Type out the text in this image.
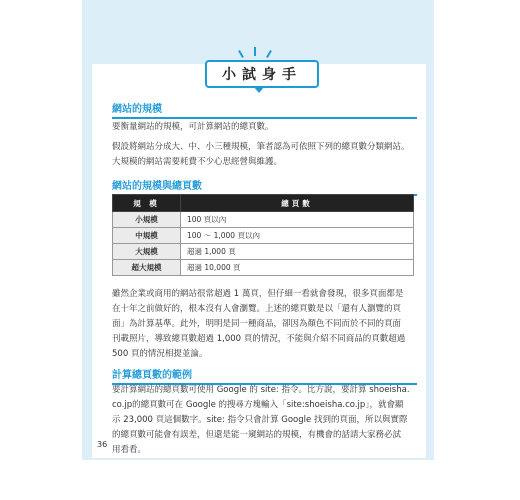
小試身手
網站的規模
要衡量網站的規模，可計算網站的總頁數。
假設將網站分成大、中、小三種規模，筆者認為可依照下列的總頁數分類網站。
大規模的網站需要耗費不少心思經營與維護。
網站的規模與總頁數
規 模	總頁數
小規模	100 頁以內
中規模	100 〜 1,000 頁以內
大規模	超過 1,000 頁
超大規模	超過 10,000 頁
雖然企業或商用的網站很常超過 1 萬頁，但仔細一看就會發現，很多頁面都是
在十年之前做好的，根本沒有人會瀏覽。上述的總頁數是以「還有人瀏覽的頁
面」為計算基準。此外，明明是同一種商品，卻因為顏色不同而於不同的頁面
刊載照片，導致總頁數超過 1,000 頁的情況，不能與介紹不同商品的頁數超過
500 頁的情況相提並論。
計算總頁數的範例
要計算網站的總頁數可使用 Google 的 site: 指令。比方說，要計算 shoeisha.
co.jp的總頁數可在 Google 的搜尋方塊輸入「site:shoeisha.co.jp」，就會顯
示 23,000 頁這個數字。site: 指令只會計算 Google 找到的頁面，所以與實際
的總頁數可能會有誤差，但還是能一窺網站的規模，有機會的話請大家務必試
用看看。
36
